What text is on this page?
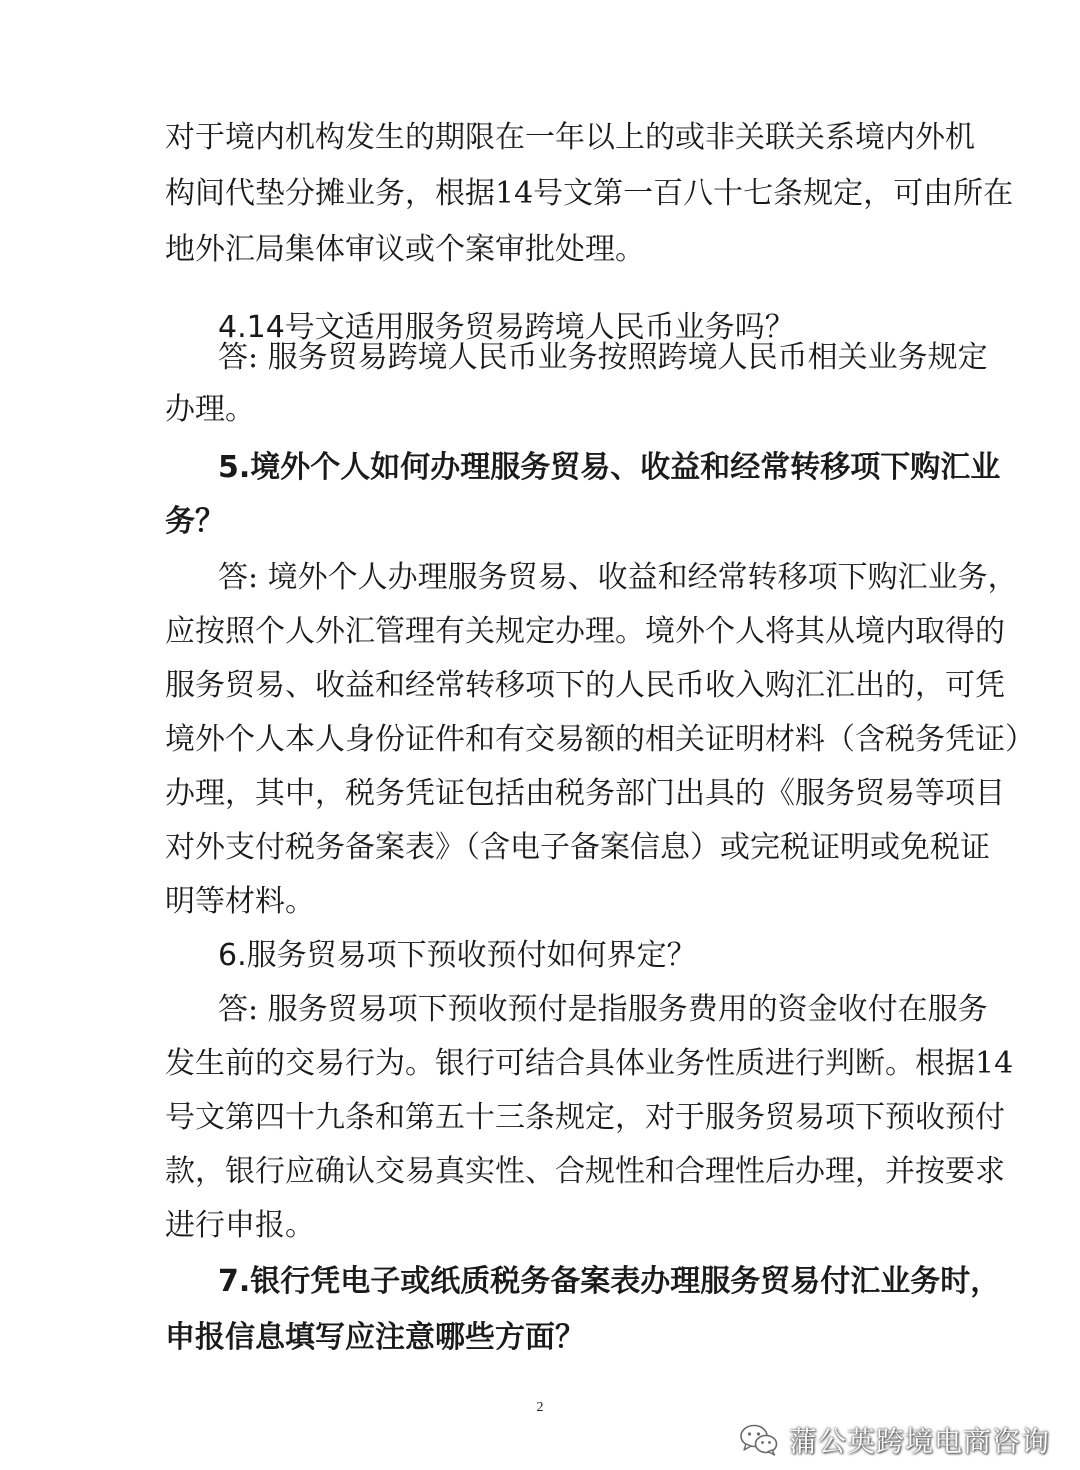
对于境内机构发生的期限在一年以上的或非关联关系境内外机

构间代垫分摊业务，根据14号文第一百八十七条规定，可由所在

地外汇局集体审议或个案审批处理。

4.14号文适用服务贸易跨境人民币业务吗？

答: 服务贸易跨境人民币业务按照跨境人民币相关业务规定

办理。

5.境外个人如何办理服务贸易、收益和经常转移项下购汇业

务？

答: 境外个人办理服务贸易、收益和经常转移项下购汇业务，

应按照个人外汇管理有关规定办理。境外个人将其从境内取得的

服务贸易、收益和经常转移项下的人民币收入购汇汇出的，可凭

境外个人本人身份证件和有交易额的相关证明材料（含税务凭证）

办理，其中，税务凭证包括由税务部门出具的《服务贸易等项目

对外支付税务备案表》（含电子备案信息）或完税证明或免税证

明等材料。

6.服务贸易项下预收预付如何界定？

答: 服务贸易项下预收预付是指服务费用的资金收付在服务

发生前的交易行为。银行可结合具体业务性质进行判断。根据14

号文第四十九条和第五十三条规定，对于服务贸易项下预收预付

款，银行应确认交易真实性、合规性和合理性后办理，并按要求

进行申报。

7.银行凭电子或纸质税务备案表办理服务贸易付汇业务时，

申报信息填写应注意哪些方面？

2
蒲公英跨境电商咨询
